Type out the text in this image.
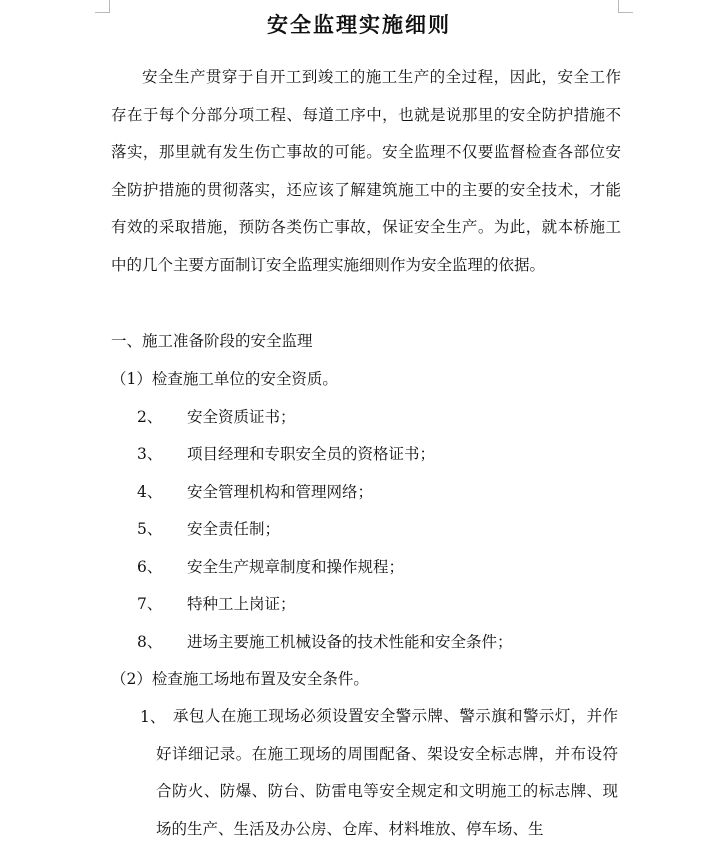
安全监理实施细则

安全生产贯穿于自开工到竣工的施工生产的全过程，因此，安全工作存在于每个分部分项工程、每道工序中，也就是说那里的安全防护措施不落实，那里就有发生伤亡事故的可能。安全监理不仅要监督检查各部位安全防护措施的贯彻落实，还应该了解建筑施工中的主要的安全技术，才能有效的采取措施，预防各类伤亡事故，保证安全生产。为此，就本桥施工中的几个主要方面制订安全监理实施细则作为安全监理的依据。

一、施工准备阶段的安全监理
（1）检查施工单位的安全资质。
2、 安全资质证书；
3、 项目经理和专职安全员的资格证书；
4、 安全管理机构和管理网络；
5、 安全责任制；
6、 安全生产规章制度和操作规程；
7、 特种工上岗证；
8、 进场主要施工机械设备的技术性能和安全条件；
（2）检查施工场地布置及安全条件。
1、 承包人在施工现场必须设置安全警示牌、警示旗和警示灯，并作好详细记录。在施工现场的周围配备、架设安全标志牌，并布设符合防火、防爆、防台、防雷电等安全规定和文明施工的标志牌、现场的生产、生活及办公房、仓库、材料堆放、停车场、生
